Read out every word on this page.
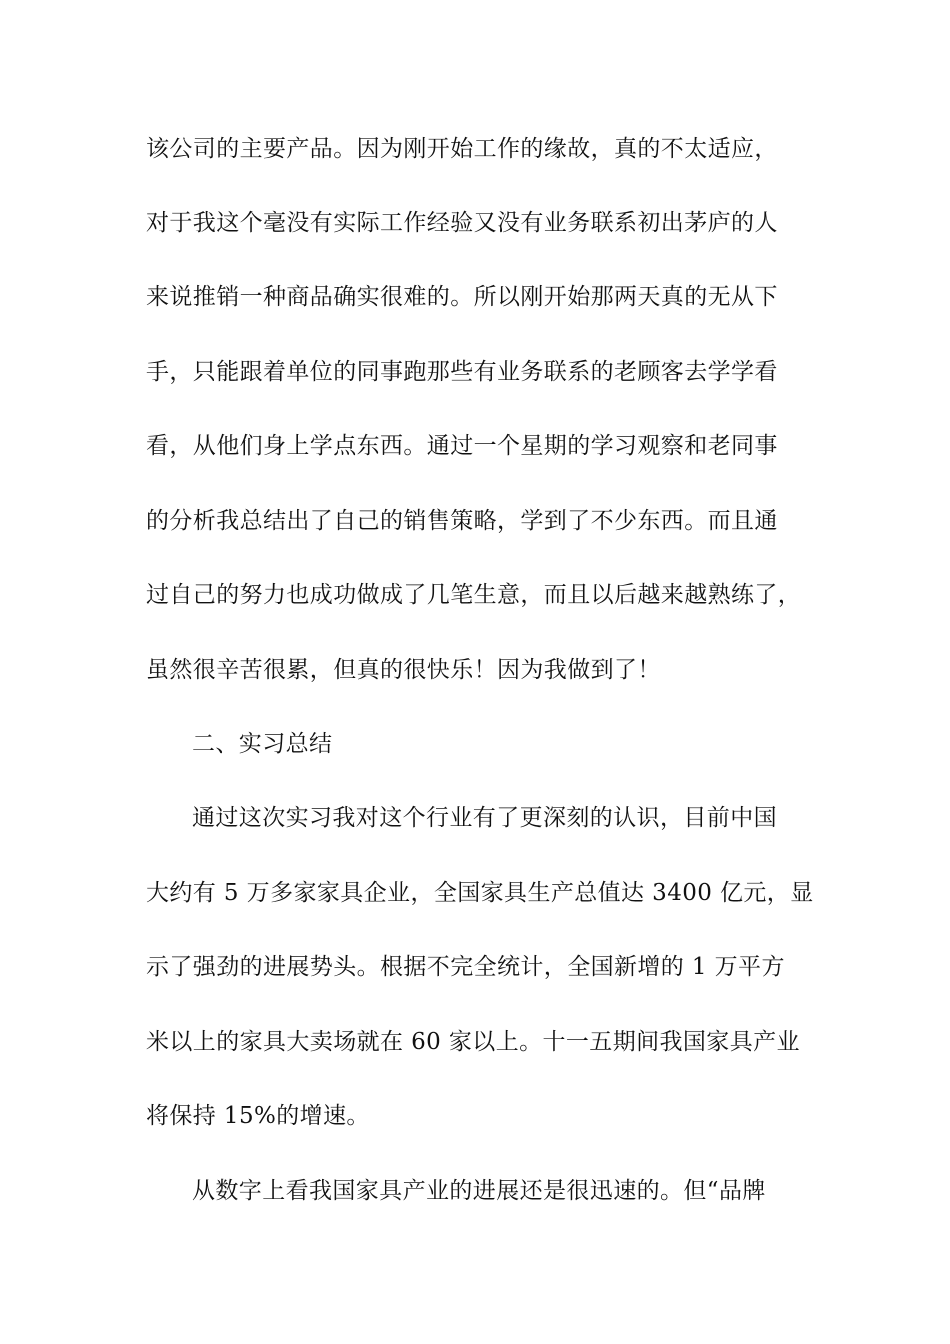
该公司的主要产品。因为刚开始工作的缘故，真的不太适应，
对于我这个毫没有实际工作经验又没有业务联系初出茅庐的人
来说推销一种商品确实很难的。所以刚开始那两天真的无从下
手，只能跟着单位的同事跑那些有业务联系的老顾客去学学看
看，从他们身上学点东西。通过一个星期的学习观察和老同事
的分析我总结出了自己的销售策略，学到了不少东西。而且通
过自己的努力也成功做成了几笔生意，而且以后越来越熟练了，
虽然很辛苦很累，但真的很快乐！因为我做到了！
二、实习总结
通过这次实习我对这个行业有了更深刻的认识，目前中国
大约有 5 万多家家具企业，全国家具生产总值达 3400 亿元，显
示了强劲的进展势头。根据不完全统计，全国新增的 1 万平方
米以上的家具大卖场就在 60 家以上。十一五期间我国家具产业
将保持 15%的增速。
从数字上看我国家具产业的进展还是很迅速的。但“品牌
